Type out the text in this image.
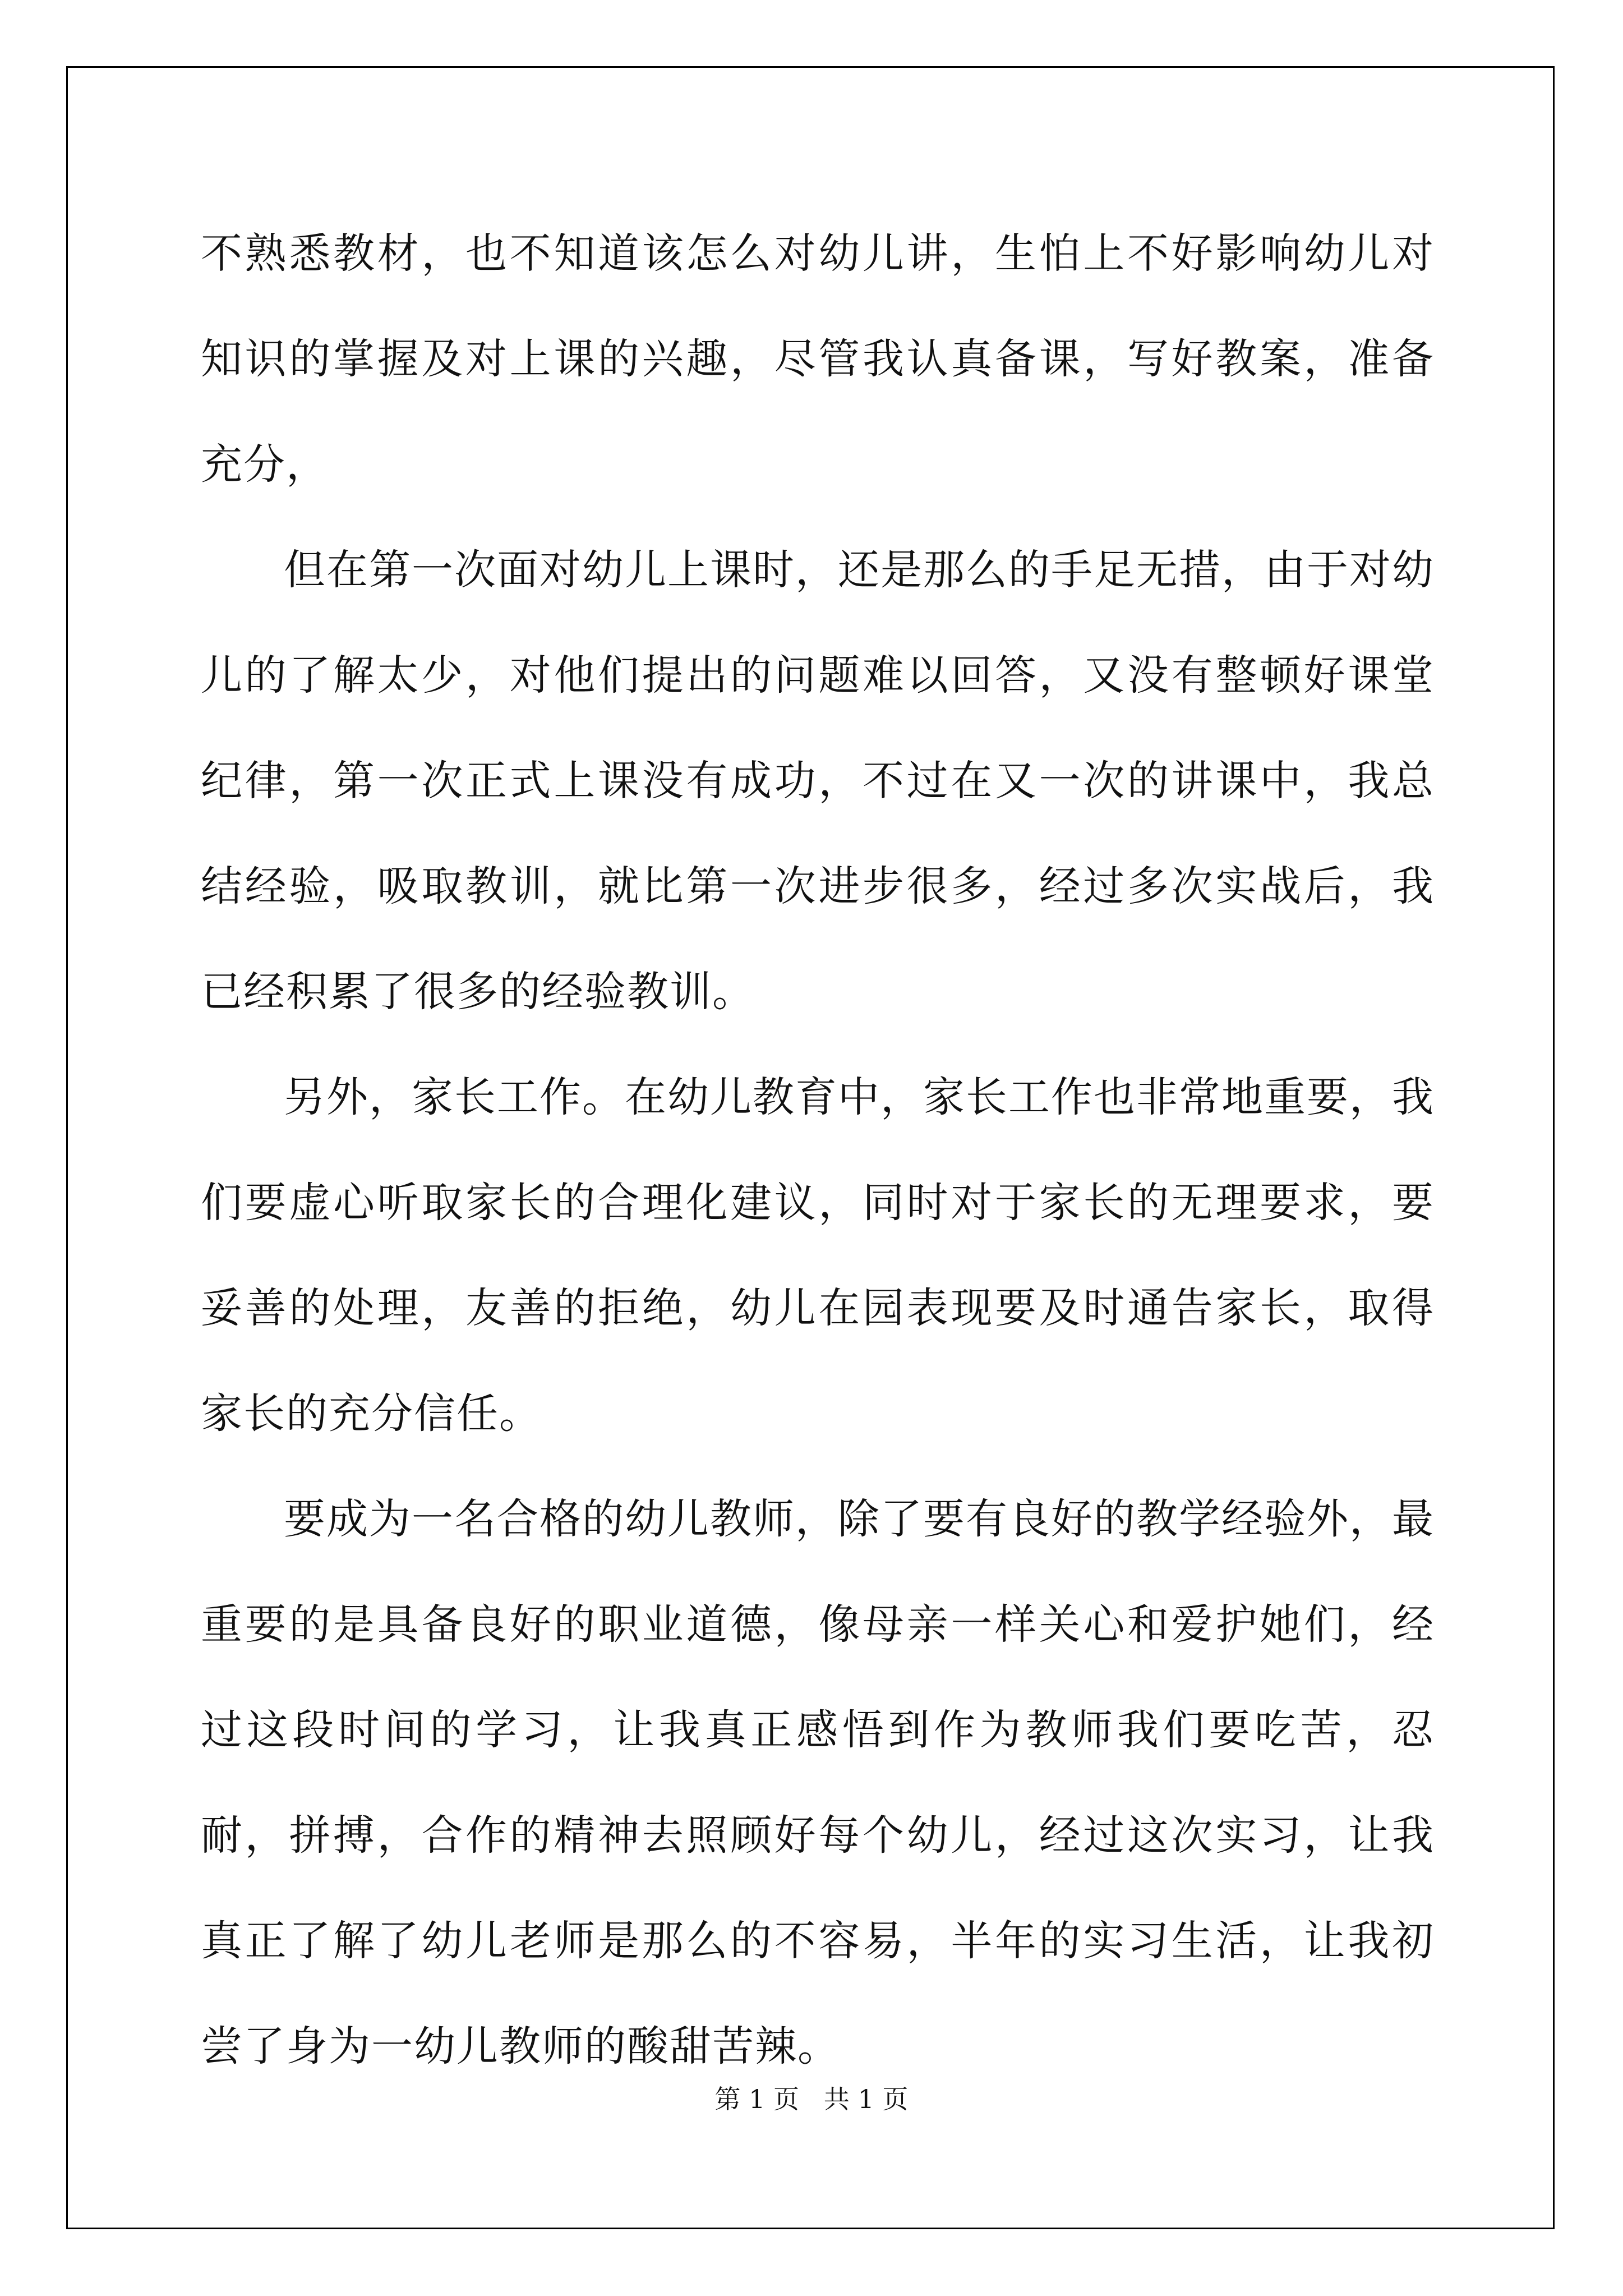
不熟悉教材，也不知道该怎么对幼儿讲，生怕上不好影响幼儿对知识的掌握及对上课的兴趣，尽管我认真备课，写好教案，准备充分，

但在第一次面对幼儿上课时，还是那么的手足无措，由于对幼儿的了解太少，对他们提出的问题难以回答，又没有整顿好课堂纪律，第一次正式上课没有成功，不过在又一次的讲课中，我总结经验，吸取教训，就比第一次进步很多，经过多次实战后，我已经积累了很多的经验教训。

另外，家长工作。在幼儿教育中，家长工作也非常地重要，我们要虚心听取家长的合理化建议，同时对于家长的无理要求，要妥善的处理，友善的拒绝，幼儿在园表现要及时通告家长，取得家长的充分信任。

要成为一名合格的幼儿教师，除了要有良好的教学经验外，最重要的是具备良好的职业道德，像母亲一样关心和爱护她们，经过这段时间的学习，让我真正感悟到作为教师我们要吃苦，忍耐，拼搏，合作的精神去照顾好每个幼儿，经过这次实习，让我真正了解了幼儿老师是那么的不容易，半年的实习生活，让我初尝了身为一幼儿教师的酸甜苦辣。

第 1 页   共 1 页
